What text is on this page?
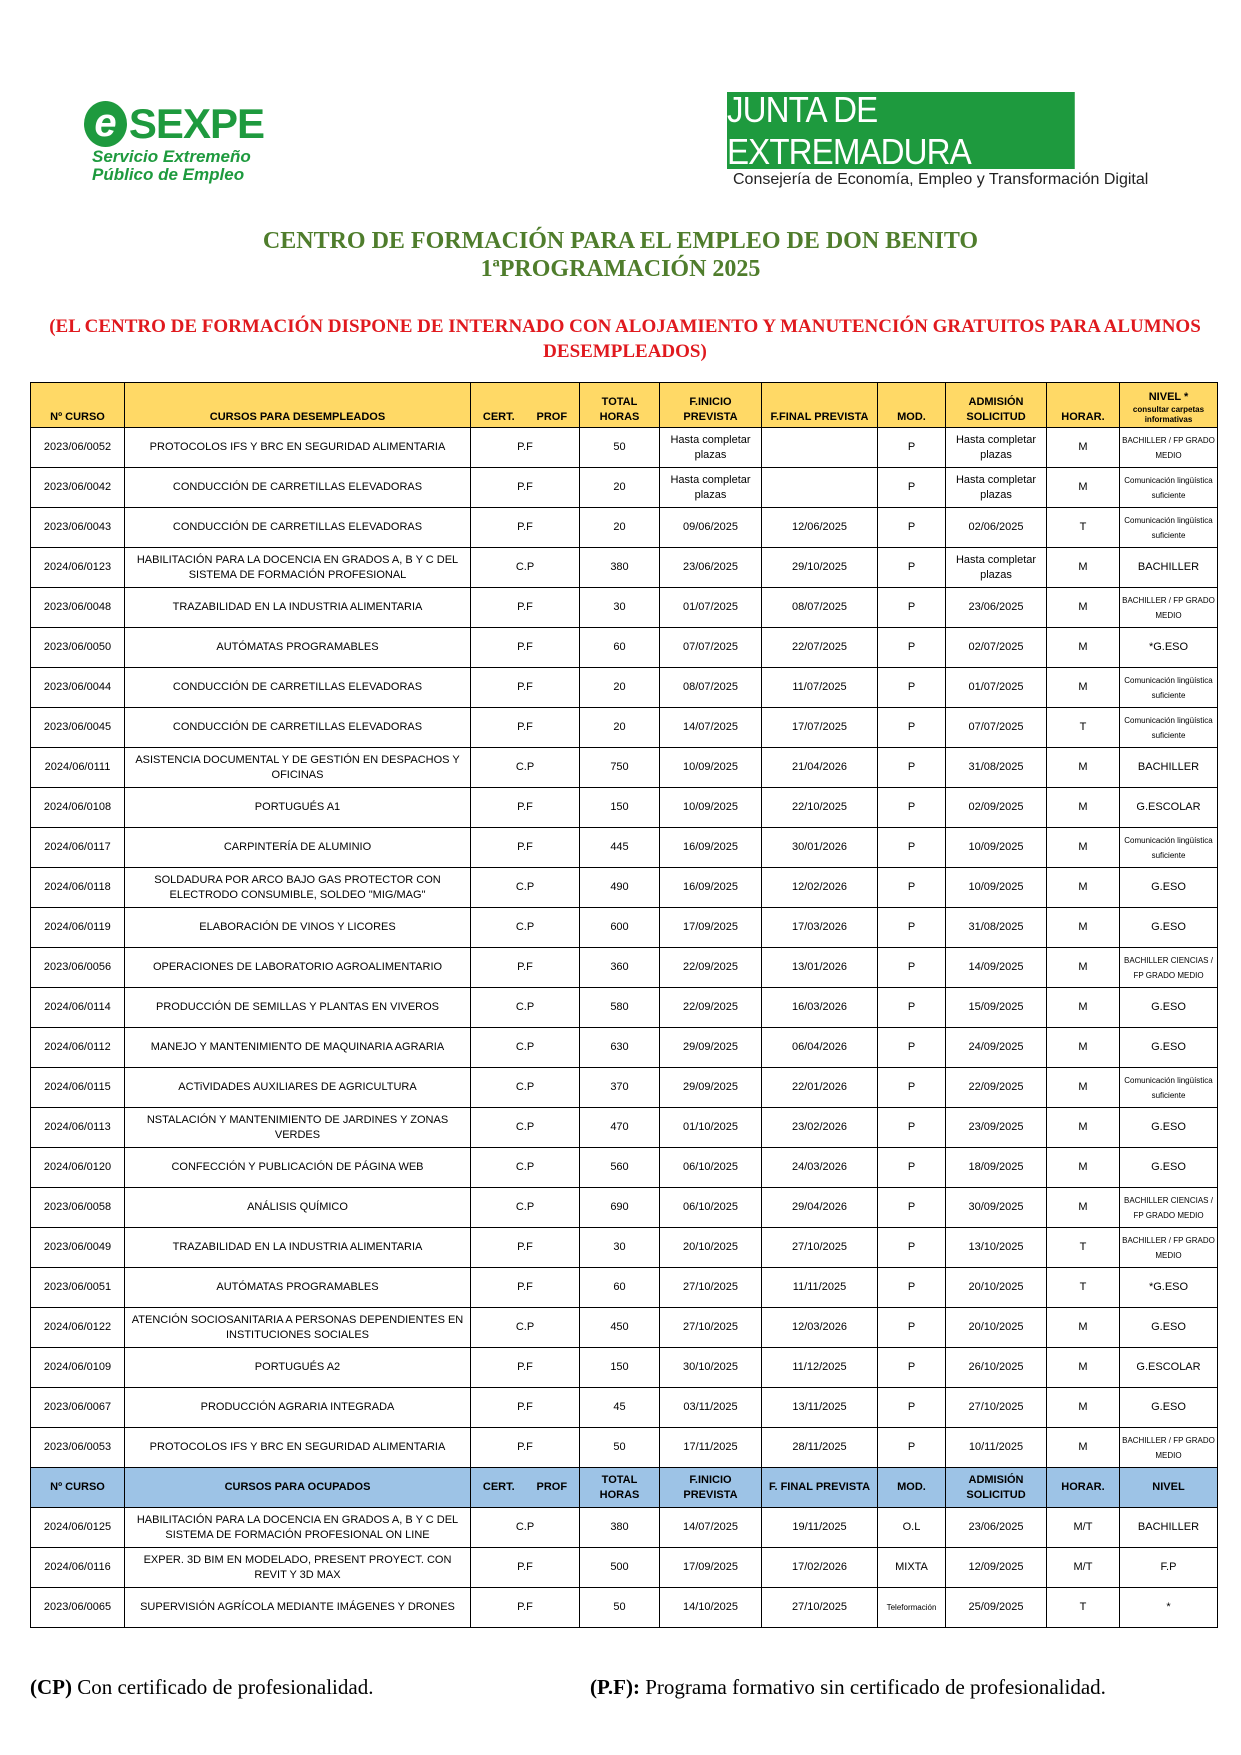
e SEXPE
Servicio Extremeño
Público de Empleo
JUNTA DE EXTREMADURA
Consejería de Economía, Empleo y Transformación Digital
CENTRO DE FORMACIÓN PARA EL EMPLEO DE DON BENITO
1ªPROGRAMACIÓN 2025
(EL CENTRO DE FORMACIÓN DISPONE DE INTERNADO CON ALOJAMIENTO Y MANUTENCIÓN GRATUITOS PARA ALUMNOS
DESEMPLEADOS)
Nº CURSO	CURSOS PARA DESEMPLEADOS	CERT. PROF	TOTAL HORAS	F.INICIO PREVISTA	F.FINAL PREVISTA	MOD.	ADMISIÓN SOLICITUD	HORAR.	NIVEL *
consultar carpetas informativas

2023/06/0052	PROTOCOLOS IFS Y BRC EN SEGURIDAD ALIMENTARIA	P.F	50	Hasta completar plazas		P	Hasta completar plazas	M	BACHILLER / FP GRADO MEDIO
2023/06/0042	CONDUCCIÓN DE CARRETILLAS ELEVADORAS	P.F	20	Hasta completar plazas		P	Hasta completar plazas	M	Comunicación lingüística suficiente
2023/06/0043	CONDUCCIÓN DE CARRETILLAS ELEVADORAS	P.F	20	09/06/2025	12/06/2025	P	02/06/2025	T	Comunicación lingüística suficiente
2024/06/0123	HABILITACIÓN PARA LA DOCENCIA EN GRADOS A, B Y C DEL SISTEMA DE FORMACIÓN PROFESIONAL	C.P	380	23/06/2025	29/10/2025	P	Hasta completar plazas	M	BACHILLER
2023/06/0048	TRAZABILIDAD EN LA INDUSTRIA ALIMENTARIA	P.F	30	01/07/2025	08/07/2025	P	23/06/2025	M	BACHILLER / FP GRADO MEDIO
2023/06/0050	AUTÓMATAS PROGRAMABLES	P.F	60	07/07/2025	22/07/2025	P	02/07/2025	M	*G.ESO
2023/06/0044	CONDUCCIÓN DE CARRETILLAS ELEVADORAS	P.F	20	08/07/2025	11/07/2025	P	01/07/2025	M	Comunicación lingüística suficiente
2023/06/0045	CONDUCCIÓN DE CARRETILLAS ELEVADORAS	P.F	20	14/07/2025	17/07/2025	P	07/07/2025	T	Comunicación lingüística suficiente
2024/06/0111	ASISTENCIA DOCUMENTAL Y DE GESTIÓN EN DESPACHOS Y OFICINAS	C.P	750	10/09/2025	21/04/2026	P	31/08/2025	M	BACHILLER
2024/06/0108	PORTUGUÉS A1	P.F	150	10/09/2025	22/10/2025	P	02/09/2025	M	G.ESCOLAR
2024/06/0117	CARPINTERÍA DE ALUMINIO	P.F	445	16/09/2025	30/01/2026	P	10/09/2025	M	Comunicación lingüística suficiente
2024/06/0118	SOLDADURA POR ARCO BAJO GAS PROTECTOR CON ELECTRODO CONSUMIBLE, SOLDEO "MIG/MAG"	C.P	490	16/09/2025	12/02/2026	P	10/09/2025	M	G.ESO
2024/06/0119	ELABORACIÓN DE VINOS Y LICORES	C.P	600	17/09/2025	17/03/2026	P	31/08/2025	M	G.ESO
2023/06/0056	OPERACIONES DE LABORATORIO AGROALIMENTARIO	P.F	360	22/09/2025	13/01/2026	P	14/09/2025	M	BACHILLER CIENCIAS / FP GRADO MEDIO
2024/06/0114	PRODUCCIÓN DE SEMILLAS Y PLANTAS EN VIVEROS	C.P	580	22/09/2025	16/03/2026	P	15/09/2025	M	G.ESO
2024/06/0112	MANEJO Y MANTENIMIENTO DE MAQUINARIA AGRARIA	C.P	630	29/09/2025	06/04/2026	P	24/09/2025	M	G.ESO
2024/06/0115	ACTiVIDADES AUXILIARES DE AGRICULTURA	C.P	370	29/09/2025	22/01/2026	P	22/09/2025	M	Comunicación lingüística suficiente
2024/06/0113	NSTALACIÓN Y MANTENIMIENTO DE JARDINES Y ZONAS VERDES	C.P	470	01/10/2025	23/02/2026	P	23/09/2025	M	G.ESO
2024/06/0120	CONFECCIÓN Y PUBLICACIÓN DE PÁGINA WEB	C.P	560	06/10/2025	24/03/2026	P	18/09/2025	M	G.ESO
2023/06/0058	ANÁLISIS QUÍMICO	C.P	690	06/10/2025	29/04/2026	P	30/09/2025	M	BACHILLER CIENCIAS / FP GRADO MEDIO
2023/06/0049	TRAZABILIDAD EN LA INDUSTRIA ALIMENTARIA	P.F	30	20/10/2025	27/10/2025	P	13/10/2025	T	BACHILLER / FP GRADO MEDIO
2023/06/0051	AUTÓMATAS PROGRAMABLES	P.F	60	27/10/2025	11/11/2025	P	20/10/2025	T	*G.ESO
2024/06/0122	ATENCIÓN SOCIOSANITARIA A PERSONAS DEPENDIENTES EN INSTITUCIONES SOCIALES	C.P	450	27/10/2025	12/03/2026	P	20/10/2025	M	G.ESO
2024/06/0109	PORTUGUÉS A2	P.F	150	30/10/2025	11/12/2025	P	26/10/2025	M	G.ESCOLAR
2023/06/0067	PRODUCCIÓN AGRARIA INTEGRADA	P.F	45	03/11/2025	13/11/2025	P	27/10/2025	M	G.ESO
2023/06/0053	PROTOCOLOS IFS Y BRC EN SEGURIDAD ALIMENTARIA	P.F	50	17/11/2025	28/11/2025	P	10/11/2025	M	BACHILLER / FP GRADO MEDIO
Nº CURSO	CURSOS PARA OCUPADOS	CERT. PROF	TOTAL HORAS	F.INICIO PREVISTA	F. FINAL PREVISTA	MOD.	ADMISIÓN SOLICITUD	HORAR.	NIVEL
2024/06/0125	HABILITACIÓN PARA LA DOCENCIA EN GRADOS A, B Y C DEL SISTEMA DE FORMACIÓN PROFESIONAL ON LINE	C.P	380	14/07/2025	19/11/2025	O.L	23/06/2025	M/T	BACHILLER
2024/06/0116	EXPER. 3D BIM EN MODELADO, PRESENT PROYECT. CON REVIT Y 3D MAX	P.F	500	17/09/2025	17/02/2026	MIXTA	12/09/2025	M/T	F.P
2023/06/0065	SUPERVISIÓN AGRÍCOLA MEDIANTE IMÁGENES Y DRONES	P.F	50	14/10/2025	27/10/2025	Teleformación	25/09/2025	T	*
(CP) Con certificado de profesionalidad.	(P.F): Programa formativo sin certificado de profesionalidad.
